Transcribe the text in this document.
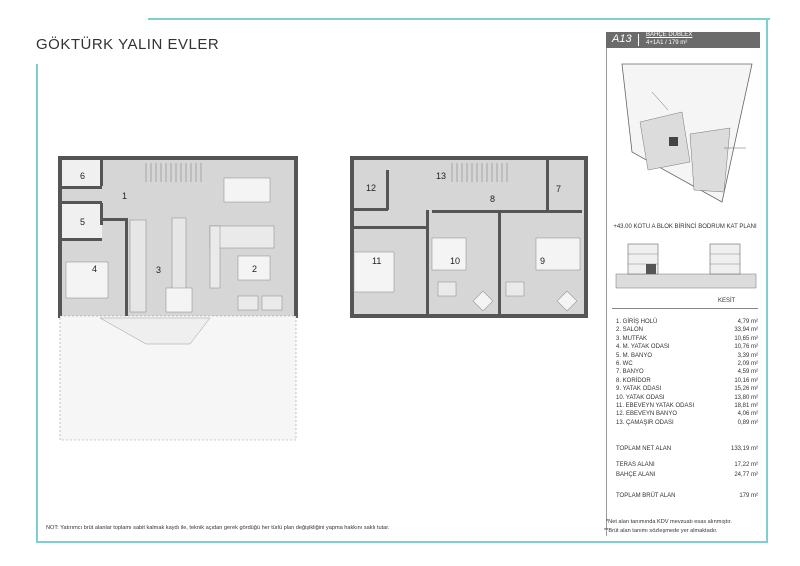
GÖKTÜRK YALIN EVLER
1
2
3
4
5
6
7
8
9
10
11
12
13
A13 BAHÇE DUBLEX
4+1A1 / 179 m²
+43.00 KOTU A BLOK BİRİNCİ BODRUM KAT PLANI
KESİT
1. GİRİŞ HOLÜ	4,79 m²
2. SALON	33,94 m²
3. MUTFAK	10,65 m²
4. M. YATAK ODASI	10,76 m²
5. M. BANYO	3,39 m²
6. WC	2,09 m²
7. BANYO	4,59 m²
8. KORİDOR	10,16 m²
9. YATAK ODASI	15,26 m²
10. YATAK ODASI	13,80 m²
11. EBEVEYN YATAK ODASI	18,81 m²
12. EBEVEYN BANYO	4,06 m²
13. ÇAMAŞIR ODASI	0,89 m²
TOPLAM NET ALAN	133,19 m²
TERAS ALANI	17,22 m²
BAHÇE ALANI	24,77 m²
TOPLAM BRÜT ALAN	179 m²
NOT: Yatırımcı brüt alanlar toplamı sabit kalmak kaydı ile, teknik açıdan gerek gördüğü her türlü plan değişikliğini yapma hakkını saklı tutar.
*Net alan tanımında KDV mevzuatı esas alınmıştır.
**Brüt alan tanımı sözleşmede yer almaktadır.
